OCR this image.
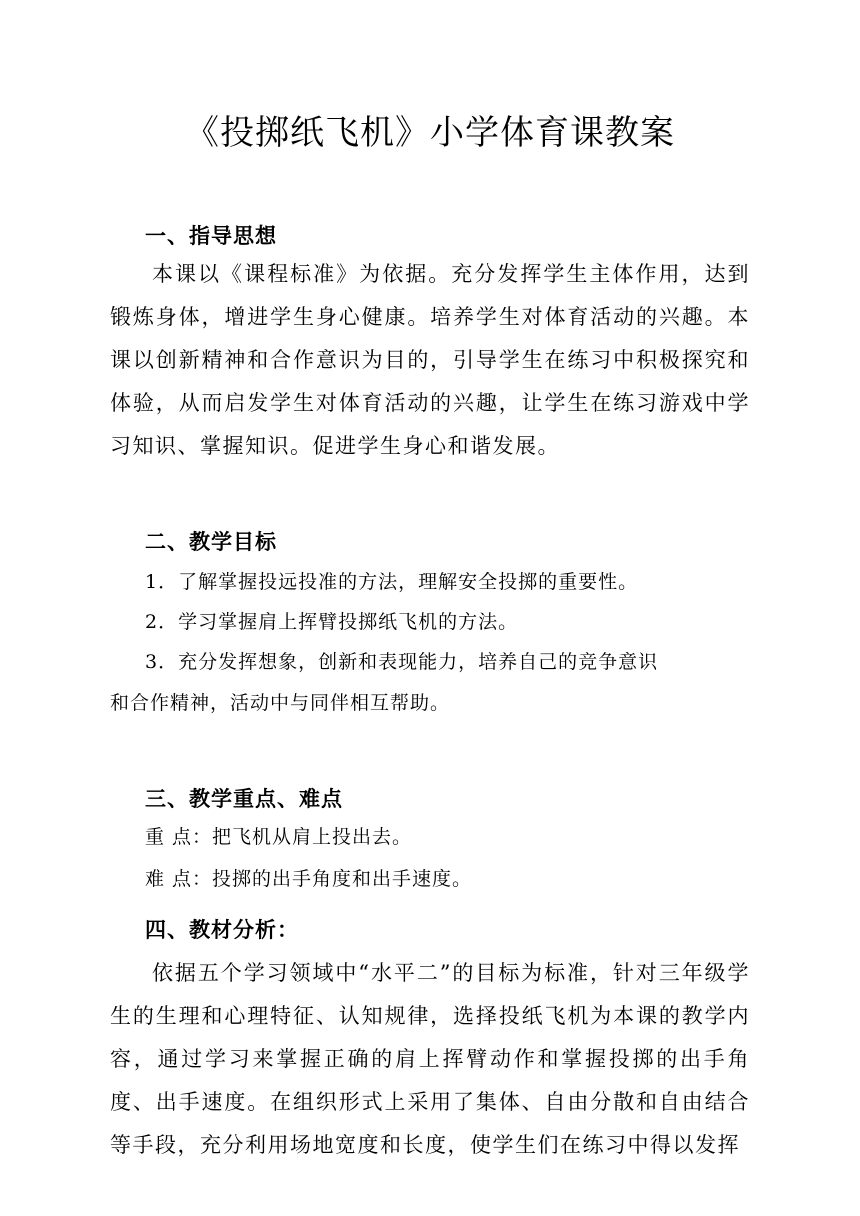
《投掷纸飞机》小学体育课教案
一、指导思想

本课以《课程标准》为依据。充分发挥学生主体作用，达到锻炼身体，增进学生身心健康。培养学生对体育活动的兴趣。本课以创新精神和合作意识为目的，引导学生在练习中积极探究和体验，从而启发学生对体育活动的兴趣，让学生在练习游戏中学习知识、掌握知识。促进学生身心和谐发展。

二、教学目标

1．了解掌握投远投准的方法，理解安全投掷的重要性。

2．学习掌握肩上挥臂投掷纸飞机的方法。

3．充分发挥想象，创新和表现能力，培养自己的竞争意识

和合作精神，活动中与同伴相互帮助。

三、教学重点、难点

重 点：把飞机从肩上投出去。

难 点：投掷的出手角度和出手速度。

四、教材分析：

依据五个学习领域中“水平二”的目标为标准，针对三年级学生的生理和心理特征、认知规律，选择投纸飞机为本课的教学内容，通过学习来掌握正确的肩上挥臂动作和掌握投掷的出手角度、出手速度。在组织形式上采用了集体、自由分散和自由结合等手段，充分利用场地宽度和长度，使学生们在练习中得以发挥
